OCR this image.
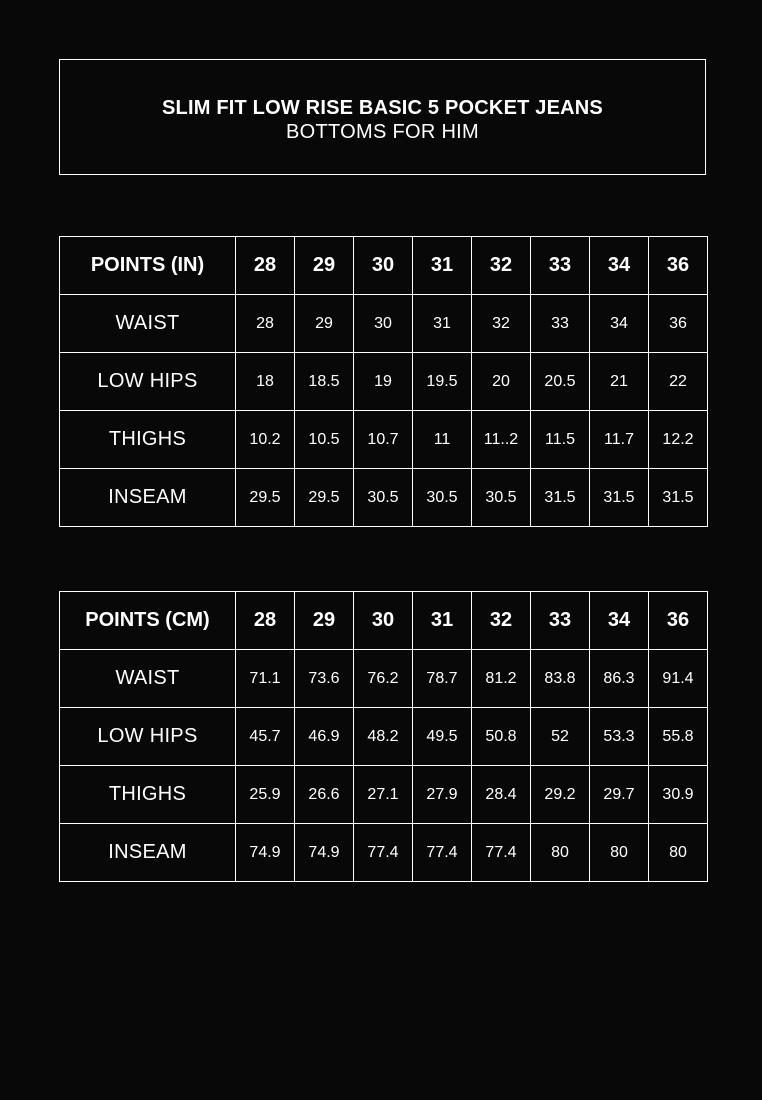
SLIM FIT LOW RISE BASIC 5 POCKET JEANS
BOTTOMS FOR HIM
POINTS (IN)	28	29	30	31	32	33	34	36
WAIST	28	29	30	31	32	33	34	36
LOW HIPS	18	18.5	19	19.5	20	20.5	21	22
THIGHS	10.2	10.5	10.7	11	11..2	11.5	11.7	12.2
INSEAM	29.5	29.5	30.5	30.5	30.5	31.5	31.5	31.5
POINTS (CM)	28	29	30	31	32	33	34	36
WAIST	71.1	73.6	76.2	78.7	81.2	83.8	86.3	91.4
LOW HIPS	45.7	46.9	48.2	49.5	50.8	52	53.3	55.8
THIGHS	25.9	26.6	27.1	27.9	28.4	29.2	29.7	30.9
INSEAM	74.9	74.9	77.4	77.4	77.4	80	80	80
